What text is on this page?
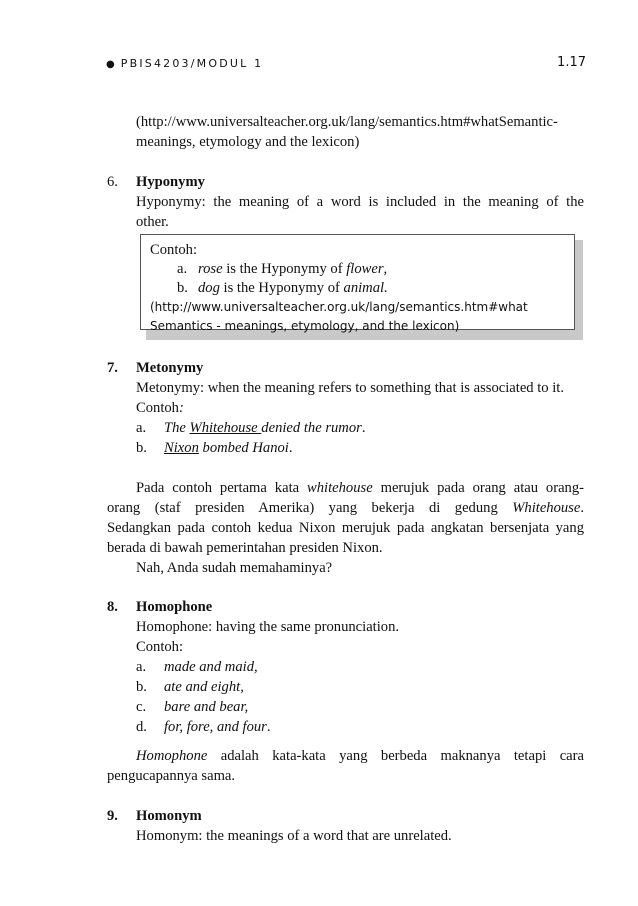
● PBIS4203/MODUL 1	1.17
(http://www.universalteacher.org.uk/lang/semantics.htm#whatSemantic-
meanings, etymology and the lexicon)
6.	Hyponymy
Hyponymy: the meaning of a word is included in the meaning of the
other.
Contoh:
a. rose is the Hyponymy of flower,
b. dog is the Hyponymy of animal.
(http://www.universalteacher.org.uk/lang/semantics.htm#what
Semantics - meanings, etymology, and the lexicon)
7.	Metonymy
Metonymy: when the meaning refers to something that is associated to it.
Contoh:
a.	The Whitehouse denied the rumor .
b.	Nixon bombed Hanoi .
Pada contoh pertama kata whitehouse merujuk pada orang atau orang-
orang (staf presiden Amerika) yang bekerja di gedung Whitehouse.
Sedangkan pada contoh kedua Nixon merujuk pada angkatan bersenjata yang
berada di bawah pemerintahan presiden Nixon.
Nah, Anda sudah memahaminya?
8.	Homophone
Homophone: having the same pronunciation.
Contoh:
a.	made and maid ,
b.	ate and eight ,
c.	bare and bear,
d.	for, fore, and four .
Homophone adalah kata-kata yang berbeda maknanya tetapi cara
pengucapannya sama.
9.	Homonym
Homonym: the meanings of a word that are unrelated.
